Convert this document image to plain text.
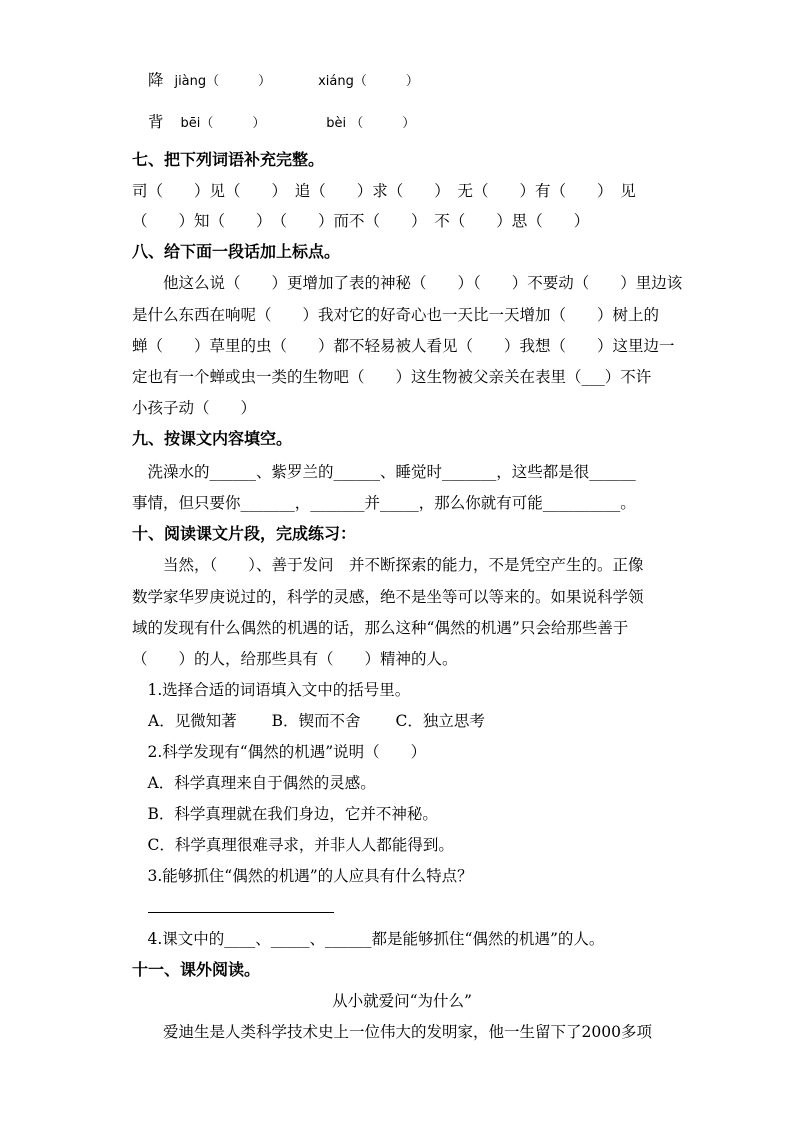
降 jiàng（　　　）	xiáng（　　　）
背 bēi（　　　）	bèi （　　　）
七、把下列词语补充完整。
司（　　）见（　　）　追（　　）求（　　）　无（　　）有（　　）　见
（　　）知（　　）　（　　）而不（　　）　不（　　）思（　　）
八、给下面一段话加上标点。
　　他这么说（　　）更增加了表的神秘（　　）（　　）不要动（　　）里边该
是什么东西在响呢（　　）我对它的好奇心也一天比一天增加（　　）树上的
蝉（　　）草里的虫（　　）都不轻易被人看见（　　）我想（　　）这里边一
定也有一个蝉或虫一类的生物吧（　　）这生物被父亲关在表里（___）不许
小孩子动（　　）
九、按课文内容填空。
　洗澡水的______、紫罗兰的______、睡觉时_______，这些都是很______
事情，但只要你_______，_______并_____，那么你就有可能__________。
十、阅读课文片段，完成练习：
　　当然，（　　）、善于发问　并不断探索的能力，不是凭空产生的。正像
数学家华罗庚说过的，科学的灵感，绝不是坐等可以等来的。如果说科学领
域的发现有什么偶然的机遇的话，那么这种“偶然的机遇”只会给那些善于
（　　）的人，给那些具有（　　）精神的人。
　1.选择合适的词语填入文中的括号里。
A．见微知著 B．锲而不舍 C．独立思考
　2.科学发现有“偶然的机遇”说明（　　）
　A．科学真理来自于偶然的灵感。
　B．科学真理就在我们身边，它并不神秘。
　C．科学真理很难寻求，并非人人都能得到。
　3.能够抓住“偶然的机遇”的人应具有什么特点？
　4.课文中的____、_____、______都是能够抓住“偶然的机遇”的人。
十一、课外阅读。
从小就爱问“为什么”
　　爱迪生是人类科学技术史上一位伟大的发明家，他一生留下了2000多项
